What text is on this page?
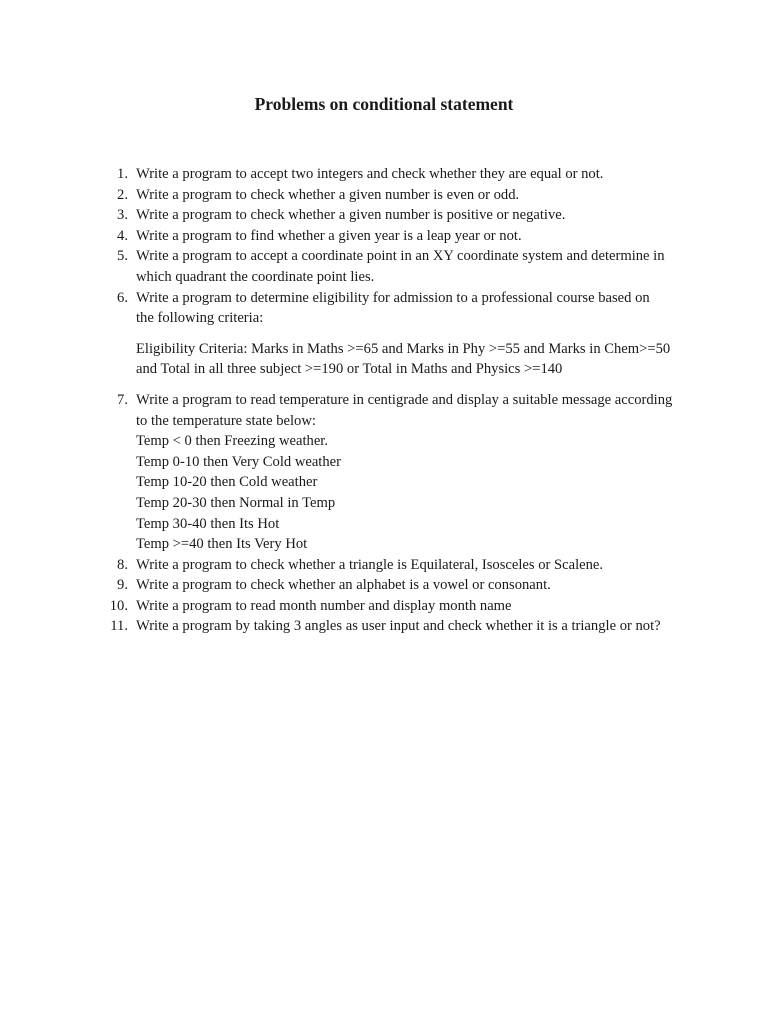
Problems on conditional statement
1. Write a program to accept two integers and check whether they are equal or not.
2. Write a program to check whether a given number is even or odd.
3. Write a program to check whether a given number is positive or negative.
4. Write a program to find whether a given year is a leap year or not.
5. Write a program to accept a coordinate point in an XY coordinate system and determine in
which quadrant the coordinate point lies.
6. Write a program to determine eligibility for admission to a professional course based on
the following criteria:
Eligibility Criteria: Marks in Maths >=65 and Marks in Phy >=55 and Marks in Chem>=50
and Total in all three subject >=190 or Total in Maths and Physics >=140
7. Write a program to read temperature in centigrade and display a suitable message according
to the temperature state below:
Temp < 0 then Freezing weather.
Temp 0-10 then Very Cold weather
Temp 10-20 then Cold weather
Temp 20-30 then Normal in Temp
Temp 30-40 then Its Hot
Temp >=40 then Its Very Hot
8. Write a program to check whether a triangle is Equilateral, Isosceles or Scalene.
9. Write a program to check whether an alphabet is a vowel or consonant.
10. Write a program to read month number and display month name
11. Write a program by taking 3 angles as user input and check whether it is a triangle or not?
